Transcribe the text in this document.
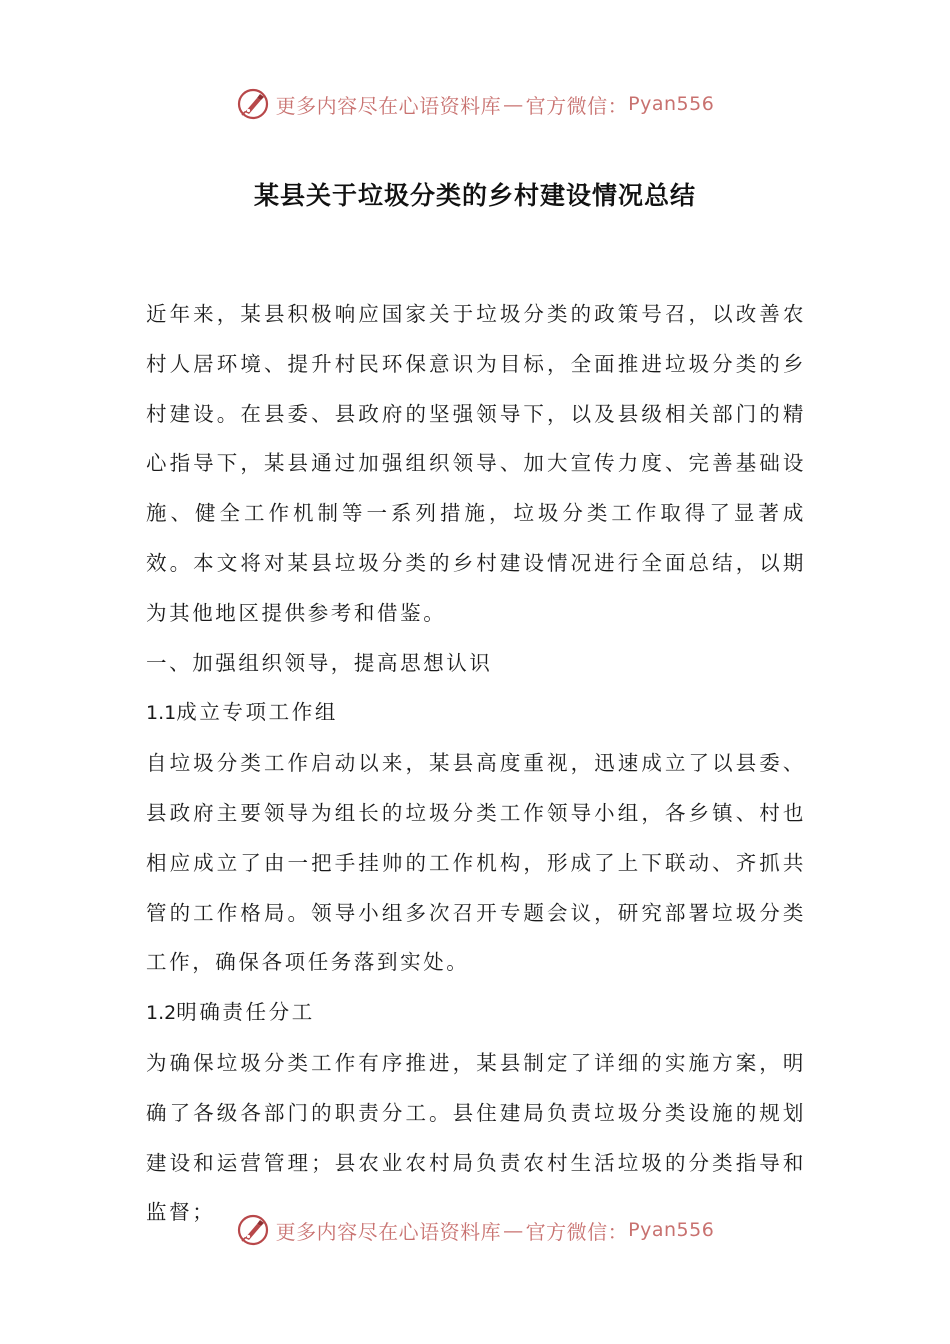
更多内容尽在心语资料库 — 官方微信： Pyan556
某县关于垃圾分类的乡村建设情况总结

近年来，某县积极响应国家关于垃圾分类的政策号召，以改善农村人居环境、提升村民环保意识为目标，全面推进垃圾分类的乡村建设。在县委、县政府的坚强领导下，以及县级相关部门的精心指导下，某县通过加强组织领导、加大宣传力度、完善基础设施、健全工作机制等一系列措施，垃圾分类工作取得了显著成效。本文将对某县垃圾分类的乡村建设情况进行全面总结，以期为其他地区提供参考和借鉴。

一、加强组织领导，提高思想认识

1.1成立专项工作组

自垃圾分类工作启动以来，某县高度重视，迅速成立了以县委、县政府主要领导为组长的垃圾分类工作领导小组，各乡镇、村也相应成立了由一把手挂帅的工作机构，形成了上下联动、齐抓共管的工作格局。领导小组多次召开专题会议，研究部署垃圾分类工作，确保各项任务落到实处。

1.2明确责任分工

为确保垃圾分类工作有序推进，某县制定了详细的实施方案，明确了各级各部门的职责分工。县住建局负责垃圾分类设施的规划建设和运营管理；县农业农村局负责农村生活垃圾的分类指导和监督；

更多内容尽在心语资料库 — 官方微信： Pyan556
